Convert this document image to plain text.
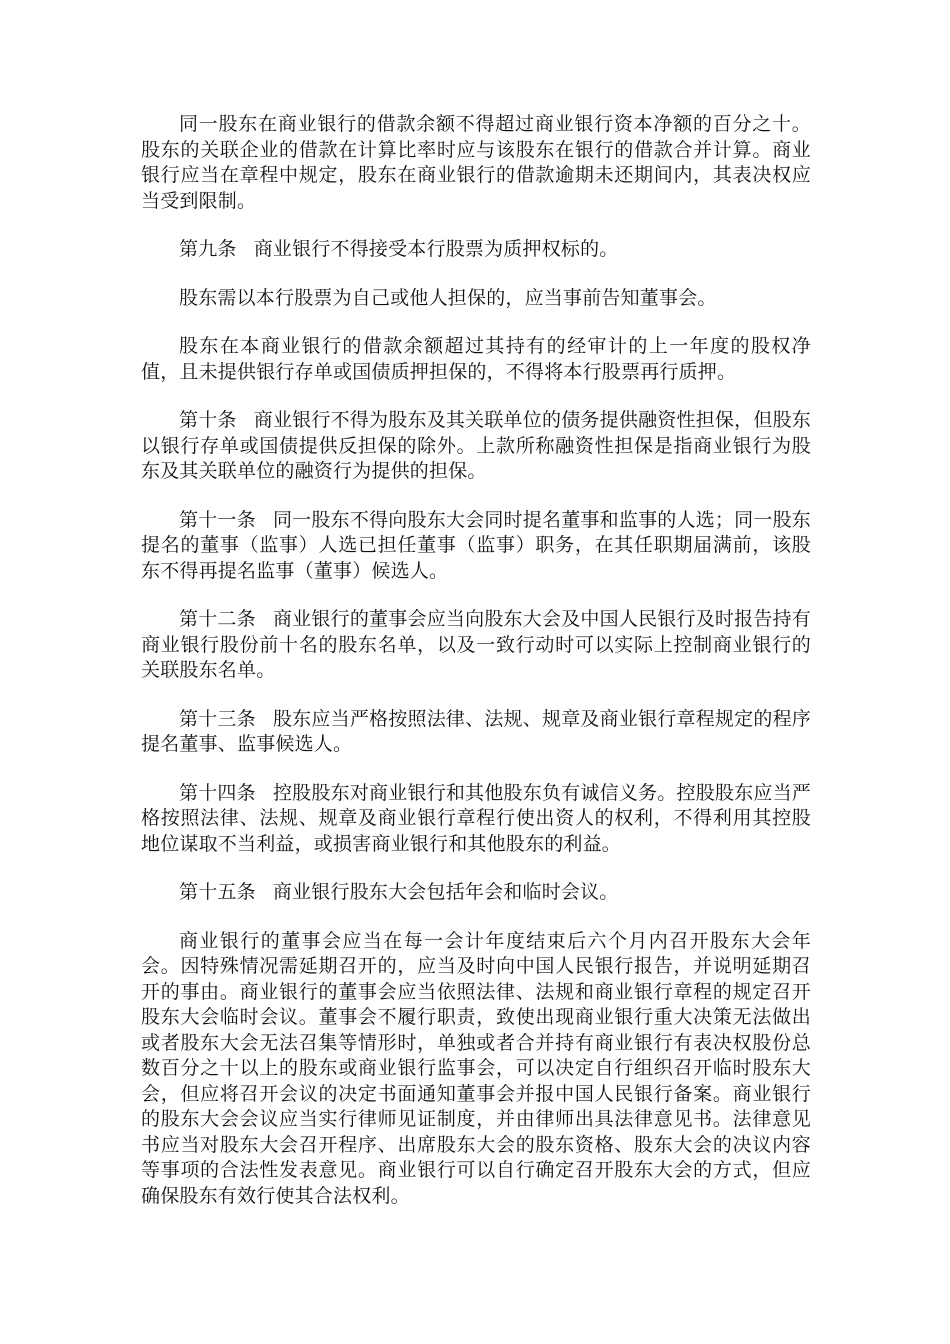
同一股东在商业银行的借款余额不得超过商业银行资本净额的百分之十。股东的关联企业的借款在计算比率时应与该股东在银行的借款合并计算。商业银行应当在章程中规定，股东在商业银行的借款逾期未还期间内，其表决权应当受到限制。

第九条 商业银行不得接受本行股票为质押权标的。

股东需以本行股票为自己或他人担保的，应当事前告知董事会。

股东在本商业银行的借款余额超过其持有的经审计的上一年度的股权净值，且未提供银行存单或国债质押担保的，不得将本行股票再行质押。

第十条 商业银行不得为股东及其关联单位的债务提供融资性担保，但股东以银行存单或国债提供反担保的除外。上款所称融资性担保是指商业银行为股东及其关联单位的融资行为提供的担保。

第十一条 同一股东不得向股东大会同时提名董事和监事的人选；同一股东提名的董事（监事）人选已担任董事（监事）职务，在其任职期届满前，该股东不得再提名监事（董事）候选人。

第十二条 商业银行的董事会应当向股东大会及中国人民银行及时报告持有商业银行股份前十名的股东名单，以及一致行动时可以实际上控制商业银行的关联股东名单。

第十三条 股东应当严格按照法律、法规、规章及商业银行章程规定的程序提名董事、监事候选人。

第十四条 控股股东对商业银行和其他股东负有诚信义务。控股股东应当严格按照法律、法规、规章及商业银行章程行使出资人的权利，不得利用其控股地位谋取不当利益，或损害商业银行和其他股东的利益。

第十五条 商业银行股东大会包括年会和临时会议。

商业银行的董事会应当在每一会计年度结束后六个月内召开股东大会年会。因特殊情况需延期召开的，应当及时向中国人民银行报告，并说明延期召开的事由。商业银行的董事会应当依照法律、法规和商业银行章程的规定召开股东大会临时会议。董事会不履行职责，致使出现商业银行重大决策无法做出或者股东大会无法召集等情形时，单独或者合并持有商业银行有表决权股份总数百分之十以上的股东或商业银行监事会，可以决定自行组织召开临时股东大会，但应将召开会议的决定书面通知董事会并报中国人民银行备案。商业银行的股东大会会议应当实行律师见证制度，并由律师出具法律意见书。法律意见书应当对股东大会召开程序、出席股东大会的股东资格、股东大会的决议内容等事项的合法性发表意见。商业银行可以自行确定召开股东大会的方式，但应确保股东有效行使其合法权利。
